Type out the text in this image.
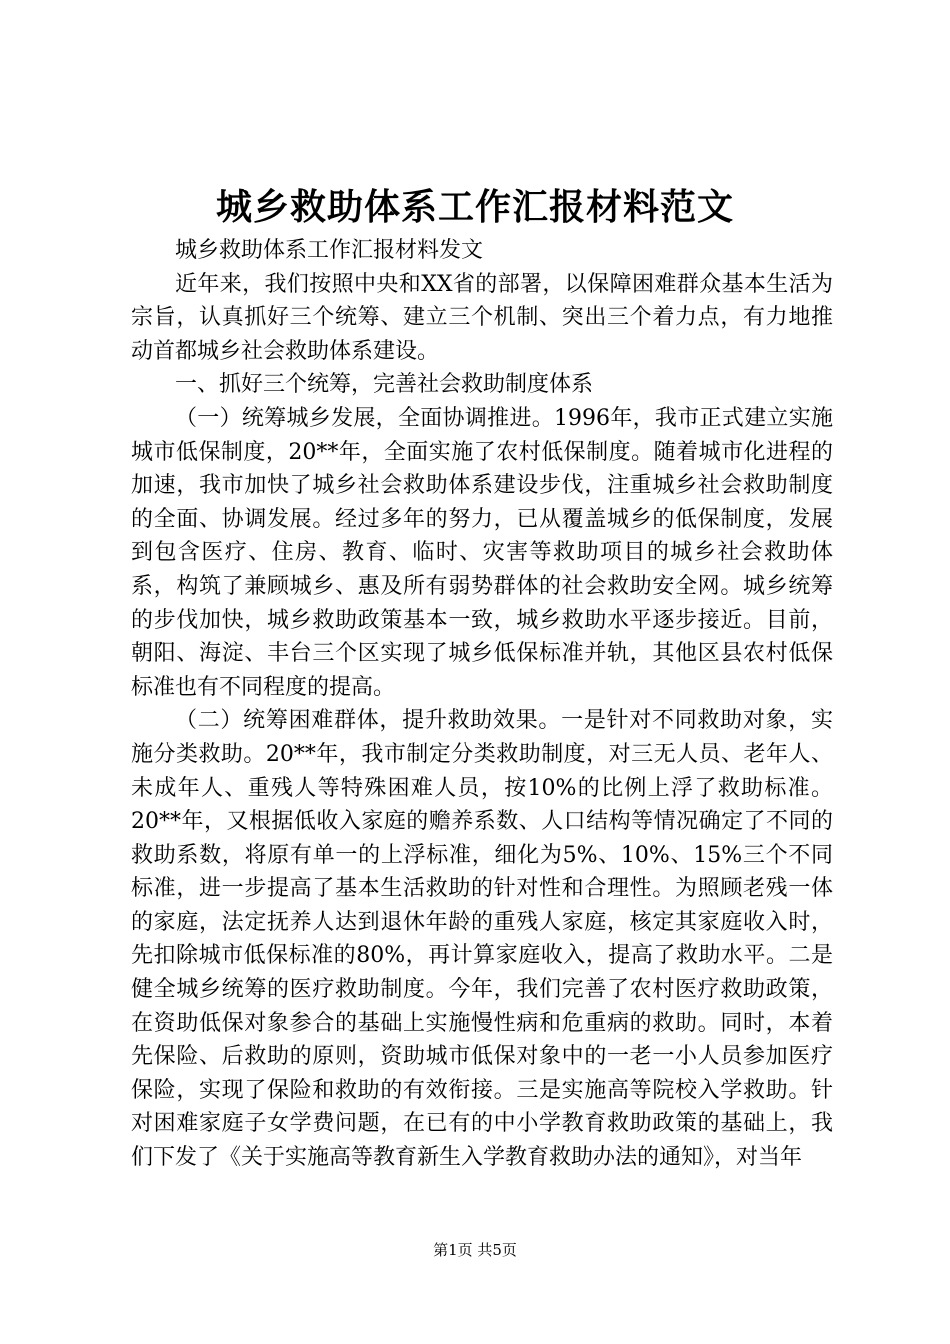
城乡救助体系工作汇报材料范文

城乡救助体系工作汇报材料发文

近年来，我们按照中央和XX省的部署，以保障困难群众基本生活为宗旨，认真抓好三个统筹、建立三个机制、突出三个着力点，有力地推动首都城乡社会救助体系建设。

一、抓好三个统筹，完善社会救助制度体系

（一）统筹城乡发展，全面协调推进。1996年，我市正式建立实施城市低保制度，20**年，全面实施了农村低保制度。随着城市化进程的加速，我市加快了城乡社会救助体系建设步伐，注重城乡社会救助制度的全面、协调发展。经过多年的努力，已从覆盖城乡的低保制度，发展到包含医疗、住房、教育、临时、灾害等救助项目的城乡社会救助体系，构筑了兼顾城乡、惠及所有弱势群体的社会救助安全网。城乡统筹的步伐加快，城乡救助政策基本一致，城乡救助水平逐步接近。目前，朝阳、海淀、丰台三个区实现了城乡低保标准并轨，其他区县农村低保标准也有不同程度的提高。

（二）统筹困难群体，提升救助效果。一是针对不同救助对象，实施分类救助。20**年，我市制定分类救助制度，对三无人员、老年人、未成年人、重残人等特殊困难人员，按10%的比例上浮了救助标准。20**年，又根据低收入家庭的赡养系数、人口结构等情况确定了不同的救助系数，将原有单一的上浮标准，细化为5%、10%、15%三个不同标准，进一步提高了基本生活救助的针对性和合理性。为照顾老残一体的家庭，法定抚养人达到退休年龄的重残人家庭，核定其家庭收入时，先扣除城市低保标准的80%，再计算家庭收入，提高了救助水平。二是健全城乡统筹的医疗救助制度。今年，我们完善了农村医疗救助政策，在资助低保对象参合的基础上实施慢性病和危重病的救助。同时，本着先保险、后救助的原则，资助城市低保对象中的一老一小人员参加医疗保险，实现了保险和救助的有效衔接。三是实施高等院校入学救助。针对困难家庭子女学费问题，在已有的中小学教育救助政策的基础上，我们下发了《关于实施高等教育新生入学教育救助办法的通知》，对当年

第1页 共5页
